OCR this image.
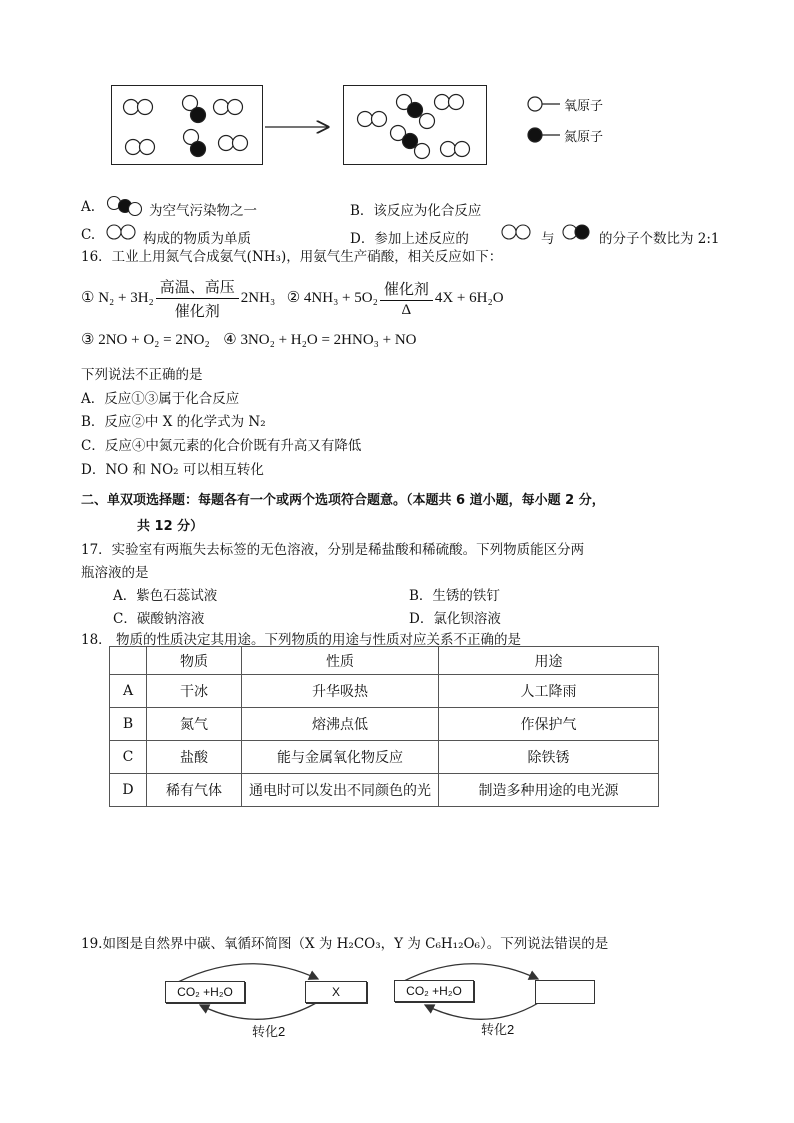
氧原子
氮原子
A.	为空气污染物之一	B．该反应为化合反应
C.	构成的物质为单质	D．参加上述反应的	与	的分子个数比为 2:1
16．工业上用氮气合成氨气(NH₃)，用氨气生产硝酸，相关反应如下：
① $N_2 + 3H_2 \frac{\text{高温、高压}}{\text{催化剂}} 2NH_3$ ② $4NH_3 + 5O_2 \frac{\text{催化剂}}{\Delta} 4X + 6H_2O$
③ 2NO + O₂ = 2NO₂ ④ 3NO₂ + H₂O = 2HNO₃ + NO
下列说法不正确的是
A．反应①③属于化合反应
B．反应②中 X 的化学式为 N₂
C．反应④中氮元素的化合价既有升高又有降低
D．NO 和 NO₂ 可以相互转化
二、单双项选择题：每题各有一个或两个选项符合题意。（本题共 6 道小题，每小题 2 分，
共 12 分）
17．实验室有两瓶失去标签的无色溶液，分别是稀盐酸和稀硫酸。下列物质能区分两
瓶溶液的是
A．紫色石蕊试液	B．生锈的铁钉
C．碳酸钠溶液	D．氯化钡溶液
18． 物质的性质决定其用途。下列物质的用途与性质对应关系不正确的是
	物质	性质	用途
A	干冰	升华吸热	人工降雨
B	氮气	熔沸点低	作保护气
C	盐酸	能与金属氧化物反应	除铁锈
D	稀有气体	通电时可以发出不同颜色的光	制造多种用途的电光源
19.如图是自然界中碳、氧循环简图（X 为 H₂CO₃，Y 为 C₆H₁₂O₆）。下列说法错误的是
CO₂ +H₂O	X	CO₂ +H₂O
转化2	转化2
